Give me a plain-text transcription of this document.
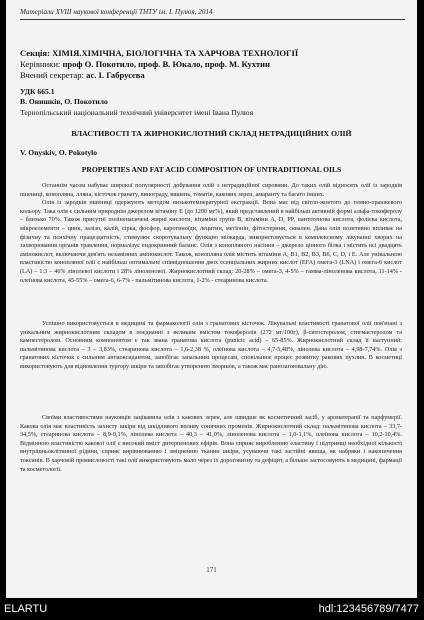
Матеріали XVIII наукової конференції ТНТУ ім. І. Пулюя, 2014
Секція: ХІМІЯ.ХІМІЧНА, БІОЛОГІЧНА ТА ХАРЧОВА ТЕХНОЛОГІЇ
Керівники: проф О. Покотило, проф. В. Юкало, проф. М. Кухтин
Вчений секретар: ас. І. Габрусєва
УДК 665.1
В. Онишків, О. Покотило
Тернопільський національний технічний університет імені Івана Пулюя
ВЛАСТИВОСТІ ТА ЖИРНОКИСЛОТНИЙ СКЛАД НЕТРАДИЦІЙНИХ ОЛІЙ
V. Onyskiv, O. Pokotylo
PROPERTIES AND FAT ACID COMPOSITION OF UNTRADITIONAL OILS

Останнім часом набуває широкої популярності добування олій з нетрадиційної сировини. До таких олій відносять олії із зародків пшениці, конопляна, лляна, кісточок гранату, винограду, вишень, томатів, какових зерен, амаранту та багато інших.

Олія із зародків пшениці одержують методом низькотемпературної екстракції. Вона має від світло-жовтого до темно-оранжевого кольору. Така олія є сильним природнім джерелом вітаміну Е (до 1200 мг%), який представлений в найбільш активній формі альфа-токоферолу – близько 70%. Також присутні поліненасичені жирні кислоти, вітаміни групи В, вітаміни А, D, PP, пантотенова кислота, фолієва кислота, мікроелементи – цинк, залізо, калій, сірка, фосфор, каротиноїди, лецитин, метіонін, фітостерини, сквален. Дана олія позитивно впливає на фізичну та психічну працездатність, стимулює скоротувальну функцію міокарда, використовується в комплексному лікуванні хворих на захворювання органів травлення, нормалізує ендокринний баланс. Олія з конопляного насіння – джерело цінного білка і містить всі двадцять амінокислот, включаючи дев'ять незамінних амінокислот. Також, конопляна олія містить вітаміни A, B1, B2, B3, B6, C, D, і E. Але унікальною властивістю конопляної олії є найбільш оптимальне співвідношення двох есенціальних жирних кислот (EFA) омега-3 (LNA) і омега-6 кислот (LA) – 1:3 – 46% лінолевої кислоти і 28% ліноленової. Жирнокислотний склад: 20-28% – омега-3, 4-5% – гамма-ліноленова кислота, 11-14% - олеїнова кислота, 45-55% – омега-6, 6-7% - пальмітинова кислота, 1-2% - стеаринова кислота.

Успішно використовується в медицині та фармакології олія з гранатових кісточок. Лікувальні властивості гранатової олії пов'язані з унікальним жирнокислотним складом в поєднанні з великим вмістом токоферолів (272 мг/100г), β-ситостеролом, стигмастеролом та кампестеролом. Основним компонентом є так звана гранатова кислота (punicic acid) – 65-85%. Жирнокислотний склад її наступний: пальмітинова кислота – 3 – 3,83%, стеаринова кислота – 1,6-2,38 %, олеїнова кислота – 4,7-5,48%, лінолева кислота – 4,98-7,74%. Олія з гранатових кісточок є сильним антиоксидантом, запобігає запальним процесам, сповільнює процес розвитку ракових пухлин. В косметиці використовують для відновлення тургору шкіри та запобігає утворенню зморшок, а також має ранозагоювальну дію.

Своїми властивостями науковців зацікавила олія з какових зерен, але швидше як косметичний засіб, у ароматерапії та парфумерії. Какова олія має властивість захисту шкіри від шкідливого впливу сонячних променів. Жирнокислотний склад: пальмітинова кислота – 33,7-34,5%, стеаринова кислота – 8,9-9,1%, лінолева кислота – 40,3 – 41,0%, ліноленова кислота – 1,0-1,1%, олеїнова кислота – 10,2-10,4%. Відмінною властивістю какової олії є високий вміст дитерпенових ефірів. Вона сприяє виробленню еластину і підтримці необхідної кількості внутрішньоклітинної рідини, сприяє вирівнюванню і зміцненню тканин шкіри, усуваючи такі застійні явища, як набряки і накопичення токсинів. В харчовій промисловості такі олії використовують мало через їх дороговизну та дефіцит, а більше застосовують в медицині, фармації та косметології.

171
ELARTU	hdl:123456789/7477
